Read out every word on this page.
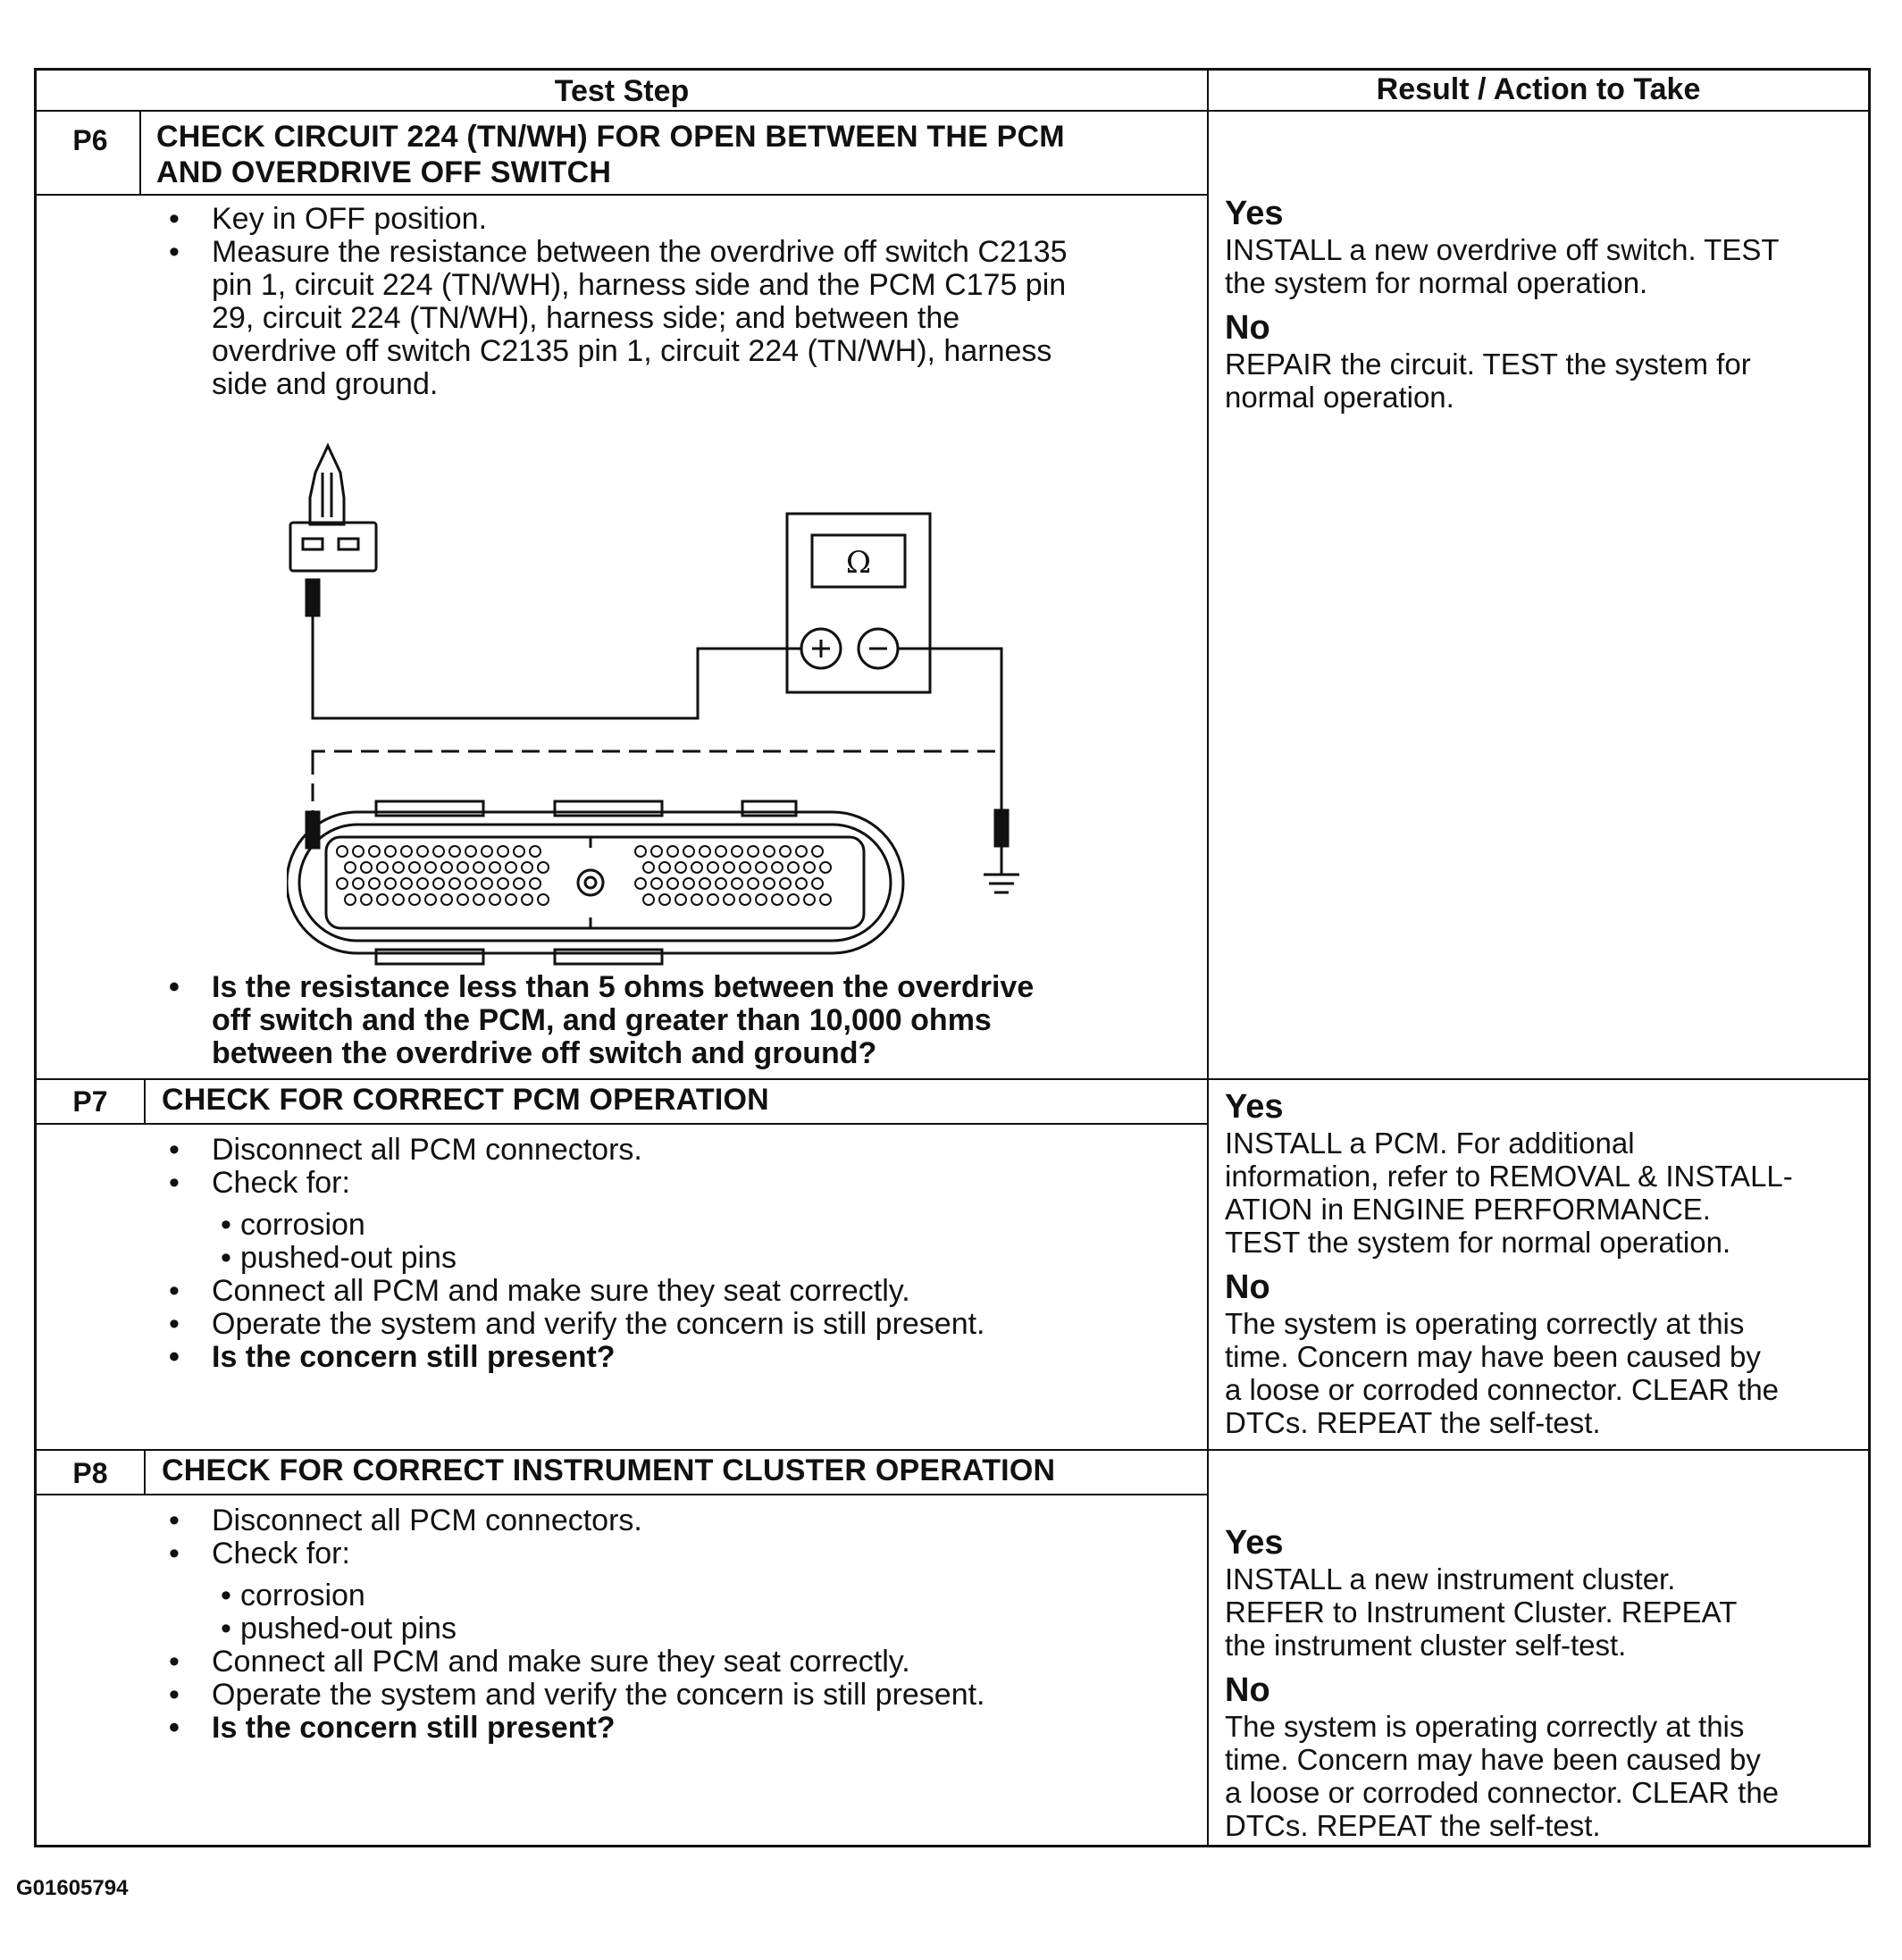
Test Step	Result / Action to Take
P6	CHECK CIRCUIT 224 (TN/WH) FOR OPEN BETWEEN THE PCM
AND OVERDRIVE OFF SWITCH
• Key in OFF position.
• Measure the resistance between the overdrive off switch C2135
pin 1, circuit 224 (TN/WH), harness side and the PCM C175 pin
29, circuit 224 (TN/WH), harness side; and between the
overdrive off switch C2135 pin 1, circuit 224 (TN/WH), harness
side and ground.
Ω
• Is the resistance less than 5 ohms between the overdrive
off switch and the PCM, and greater than 10,000 ohms
between the overdrive off switch and ground?
Yes
INSTALL a new overdrive off switch. TEST
the system for normal operation.
No
REPAIR the circuit. TEST the system for
normal operation.
P7	CHECK FOR CORRECT PCM OPERATION
• Disconnect all PCM connectors.
• Check for:
• corrosion
• pushed-out pins
• Connect all PCM and make sure they seat correctly.
• Operate the system and verify the concern is still present.
• Is the concern still present?
Yes
INSTALL a PCM. For additional
information, refer to REMOVAL & INSTALL-
ATION in ENGINE PERFORMANCE.
TEST the system for normal operation.
No
The system is operating correctly at this
time. Concern may have been caused by
a loose or corroded connector. CLEAR the
DTCs. REPEAT the self-test.
P8	CHECK FOR CORRECT INSTRUMENT CLUSTER OPERATION
• Disconnect all PCM connectors.
• Check for:
• corrosion
• pushed-out pins
• Connect all PCM and make sure they seat correctly.
• Operate the system and verify the concern is still present.
• Is the concern still present?
Yes
INSTALL a new instrument cluster.
REFER to Instrument Cluster. REPEAT
the instrument cluster self-test.
No
The system is operating correctly at this
time. Concern may have been caused by
a loose or corroded connector. CLEAR the
DTCs. REPEAT the self-test.
G01605794
